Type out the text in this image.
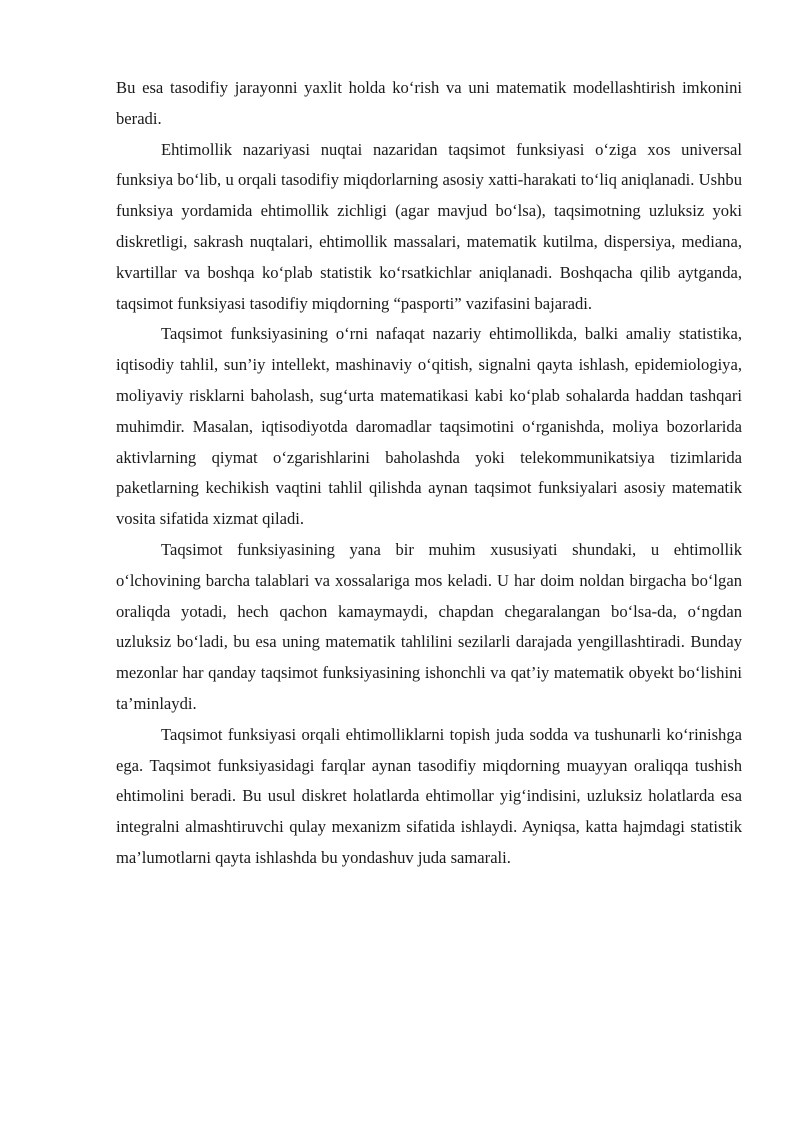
Bu esa tasodifiy jarayonni yaxlit holda ko‘rish va uni matematik modellashtirish imkonini beradi.

Ehtimollik nazariyasi nuqtai nazaridan taqsimot funksiyasi o‘ziga xos universal funksiya bo‘lib, u orqali tasodifiy miqdorlarning asosiy xatti-harakati to‘liq aniqlanadi. Ushbu funksiya yordamida ehtimollik zichligi (agar mavjud bo‘lsa), taqsimotning uzluksiz yoki diskretligi, sakrash nuqtalari, ehtimollik massalari, matematik kutilma, dispersiya, mediana, kvartillar va boshqa ko‘plab statistik ko‘rsatkichlar aniqlanadi. Boshqacha qilib aytganda, taqsimot funksiyasi tasodifiy miqdorning “pasporti” vazifasini bajaradi.

Taqsimot funksiyasining o‘rni nafaqat nazariy ehtimollikda, balki amaliy statistika, iqtisodiy tahlil, sun’iy intellekt, mashinaviy o‘qitish, signalni qayta ishlash, epidemiologiya, moliyaviy risklarni baholash, sug‘urta matematikasi kabi ko‘plab sohalarda haddan tashqari muhimdir. Masalan, iqtisodiyotda daromadlar taqsimotini o‘rganishda, moliya bozorlarida aktivlarning qiymat o‘zgarishlarini baholashda yoki telekommunikatsiya tizimlarida paketlarning kechikish vaqtini tahlil qilishda aynan taqsimot funksiyalari asosiy matematik vosita sifatida xizmat qiladi.

Taqsimot funksiyasining yana bir muhim xususiyati shundaki, u ehtimollik o‘lchovining barcha talablari va xossalariga mos keladi. U har doim noldan birgacha bo‘lgan oraliqda yotadi, hech qachon kamaymaydi, chapdan chegaralangan bo‘lsa-da, o‘ngdan uzluksiz bo‘ladi, bu esa uning matematik tahlilini sezilarli darajada yengillashtiradi. Bunday mezonlar har qanday taqsimot funksiyasining ishonchli va qat’iy matematik obyekt bo‘lishini ta’minlaydi.

Taqsimot funksiyasi orqali ehtimolliklarni topish juda sodda va tushunarli ko‘rinishga ega. Taqsimot funksiyasidagi farqlar aynan tasodifiy miqdorning muayyan oraliqqa tushish ehtimolini beradi. Bu usul diskret holatlarda ehtimollar yig‘indisini, uzluksiz holatlarda esa integralni almashtiruvchi qulay mexanizm sifatida ishlaydi. Ayniqsa, katta hajmdagi statistik ma’lumotlarni qayta ishlashda bu yondashuv juda samarali.
